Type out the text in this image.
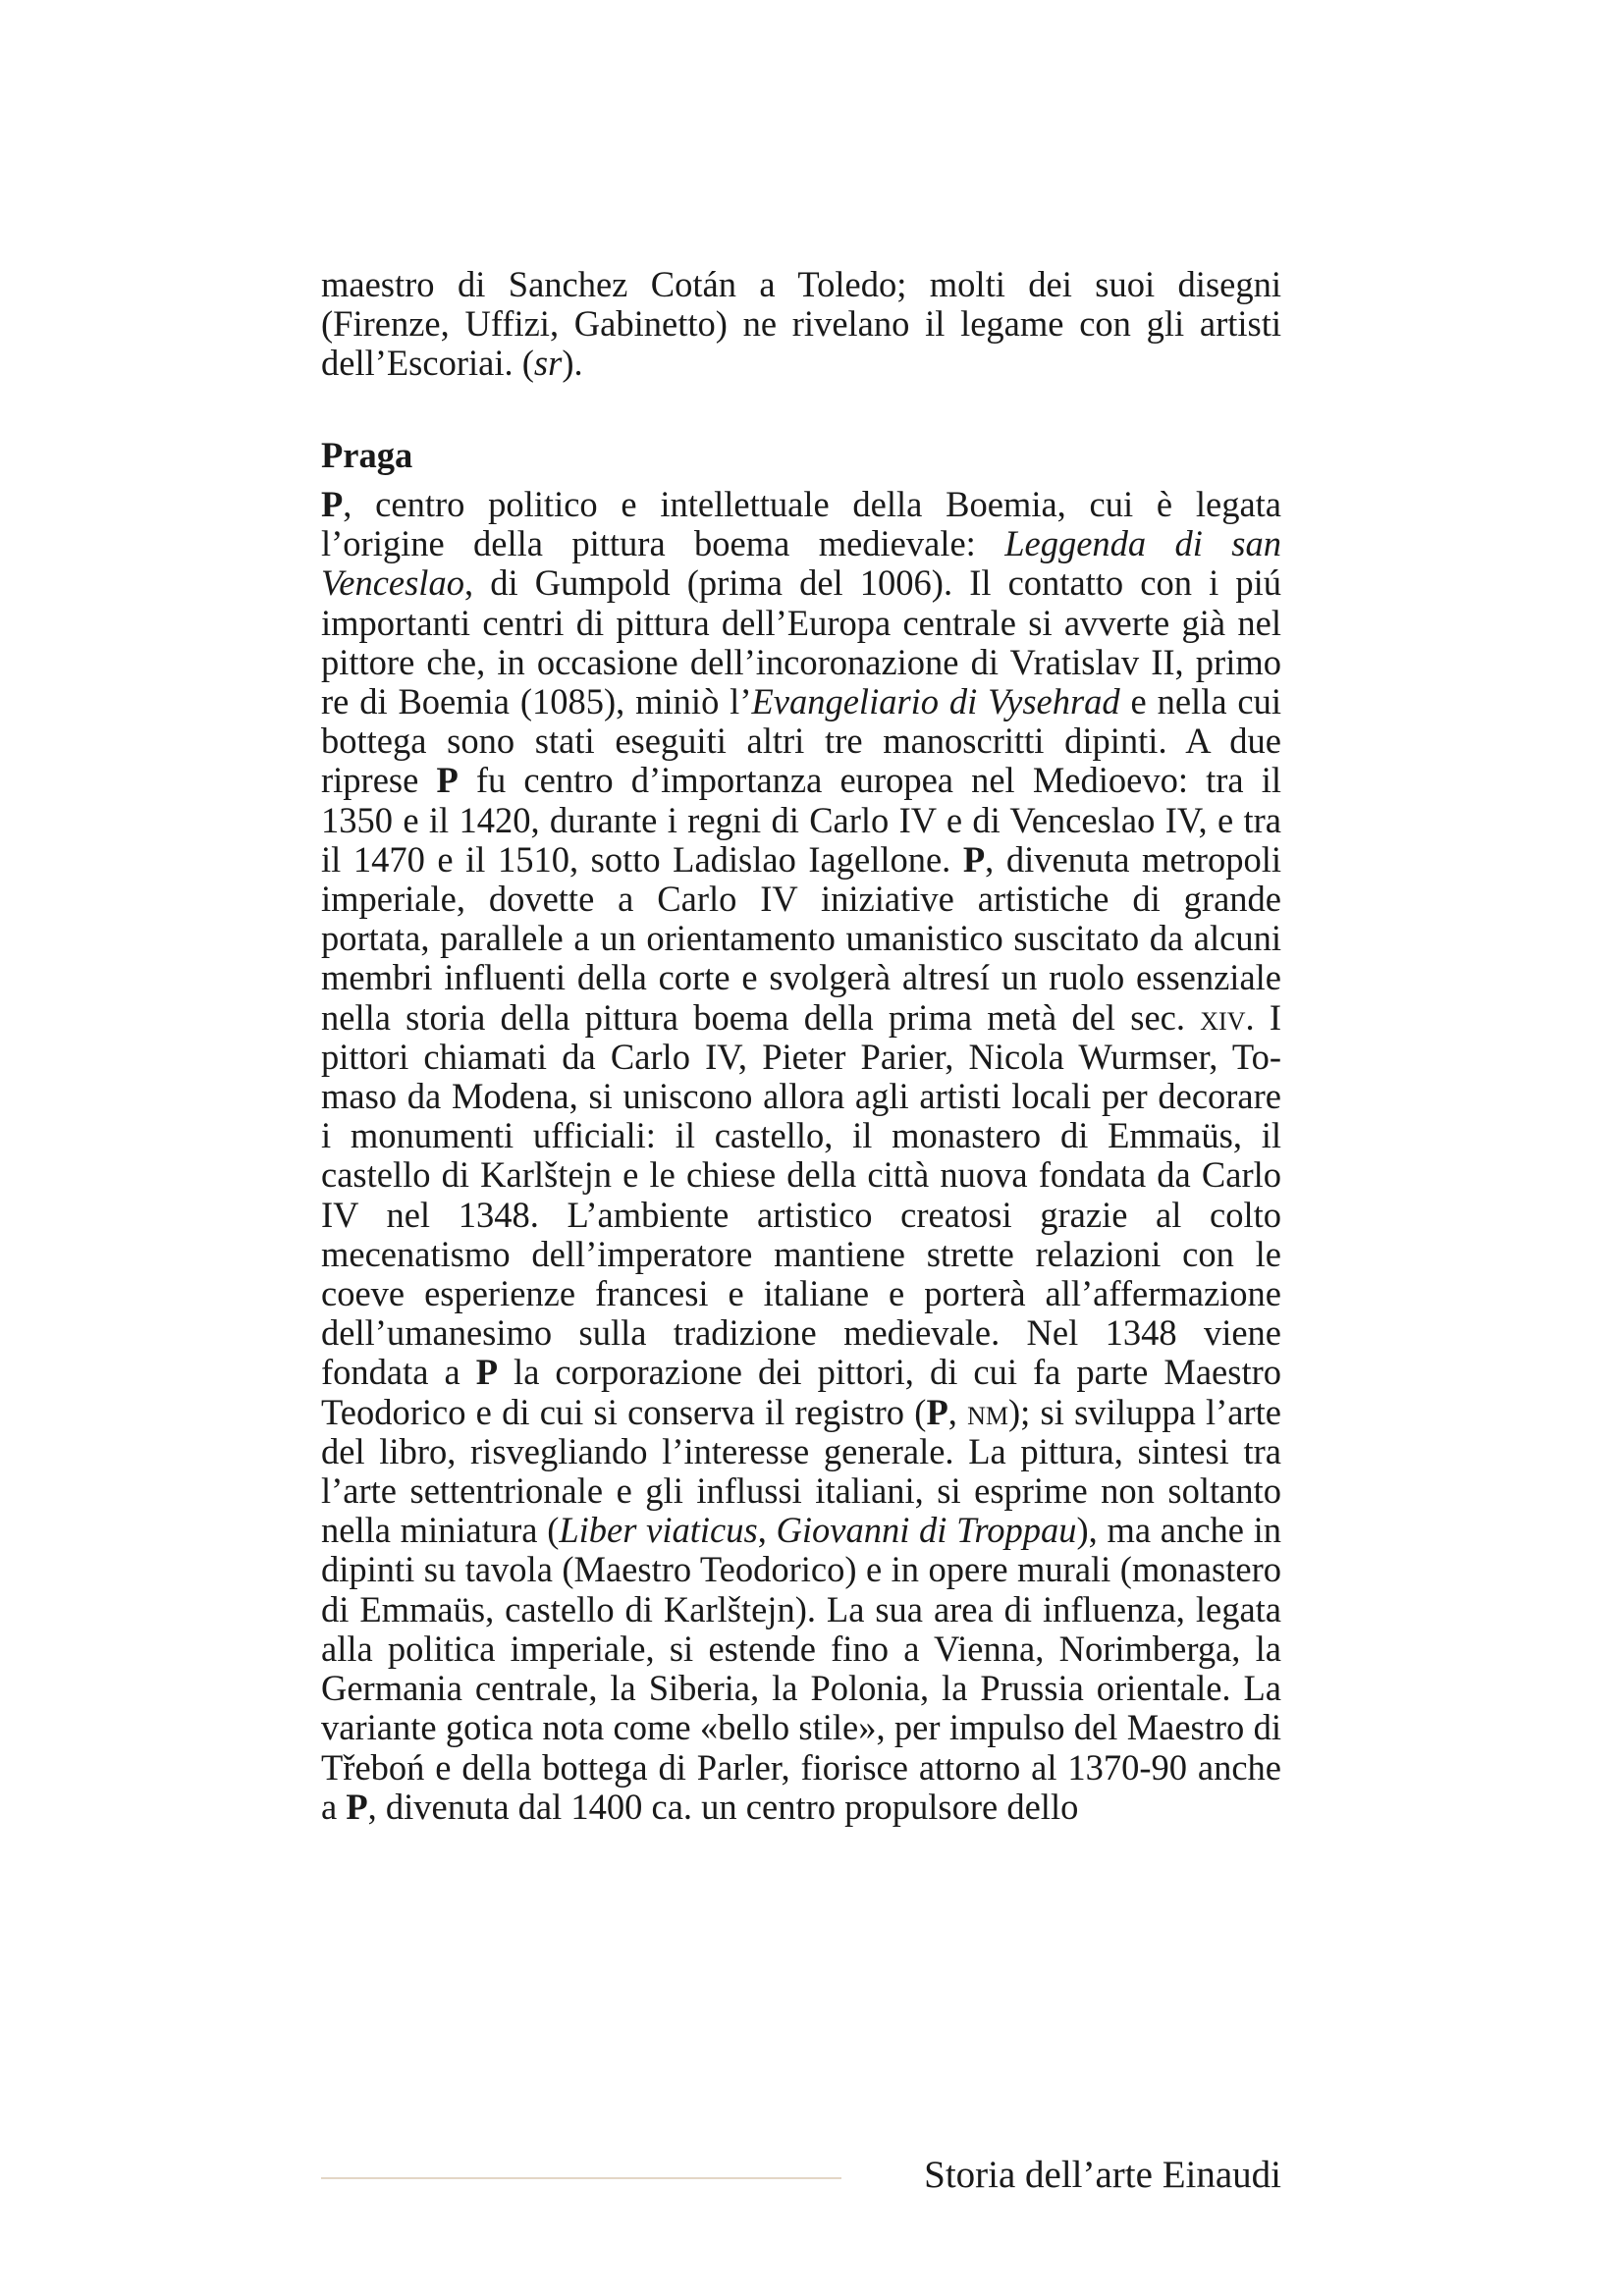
maestro di Sanchez Cotán a Toledo; molti dei suoi disegni (Firenze, Uffizi, Gabinetto) ne rivelano il legame con gli artisti dell’Escoriai. (sr).

Praga

P, centro politico e intellettuale della Boemia, cui è legata l’origine della pittura boema medievale: Leggenda di san Venceslao, di Gumpold (prima del 1006). Il contatto con i piú importanti centri di pittura dell’Europa centrale si avverte già nel pittore che, in occasione dell’incoronazione di Vratislav II, primo re di Boemia (1085), miniò l’Evangeliario di Vysehrad e nella cui bottega sono stati eseguiti altri tre manoscritti dipinti. A due riprese P fu centro d’importanza europea nel Medioevo: tra il 1350 e il 1420, durante i regni di Carlo IV e di Venceslao IV, e tra il 1470 e il 1510, sotto Ladislao Iagellone. P, divenuta metropoli imperiale, dovette a Carlo IV iniziative artistiche di grande portata, parallele a un orientamento umanistico suscitato da alcuni membri influenti della corte e svolgerà altresí un ruolo essenziale nella storia della pittura boema della prima metà del sec. xiv. I pittori chiamati da Carlo IV, Pieter Parier, Nicola Wurmser, To-maso da Modena, si uniscono allora agli artisti locali per decorare i monumenti ufficiali: il castello, il monastero di Emmaüs, il castello di Karlštejn e le chiese della città nuova fondata da Carlo IV nel 1348. L’ambiente artistico creatosi grazie al colto mecenatismo dell’imperatore mantiene strette relazioni con le coeve esperienze francesi e italiane e porterà all’affermazione dell’umanesimo sulla tradizione medievale. Nel 1348 viene fondata a P la corporazione dei pittori, di cui fa parte Maestro Teodorico e di cui si conserva il registro (P, nm); si sviluppa l’arte del libro, risvegliando l’interesse generale. La pittura, sintesi tra l’arte settentrionale e gli influssi italiani, si esprime non soltanto nella miniatura (Liber viaticus, Giovanni di Troppau), ma anche in dipinti su tavola (Maestro Teodorico) e in opere murali (monastero di Emmaüs, castello di Karlštejn). La sua area di influenza, legata alla politica imperiale, si estende fino a Vienna, Norimberga, la Germania centrale, la Siberia, la Polonia, la Prussia orientale. La variante gotica nota come «bello stile», per impulso del Maestro di Třeboń e della bottega di Parler, fiorisce attorno al 1370-90 anche a P, divenuta dal 1400 ca. un centro propulsore dello

Storia dell’arte Einaudi
